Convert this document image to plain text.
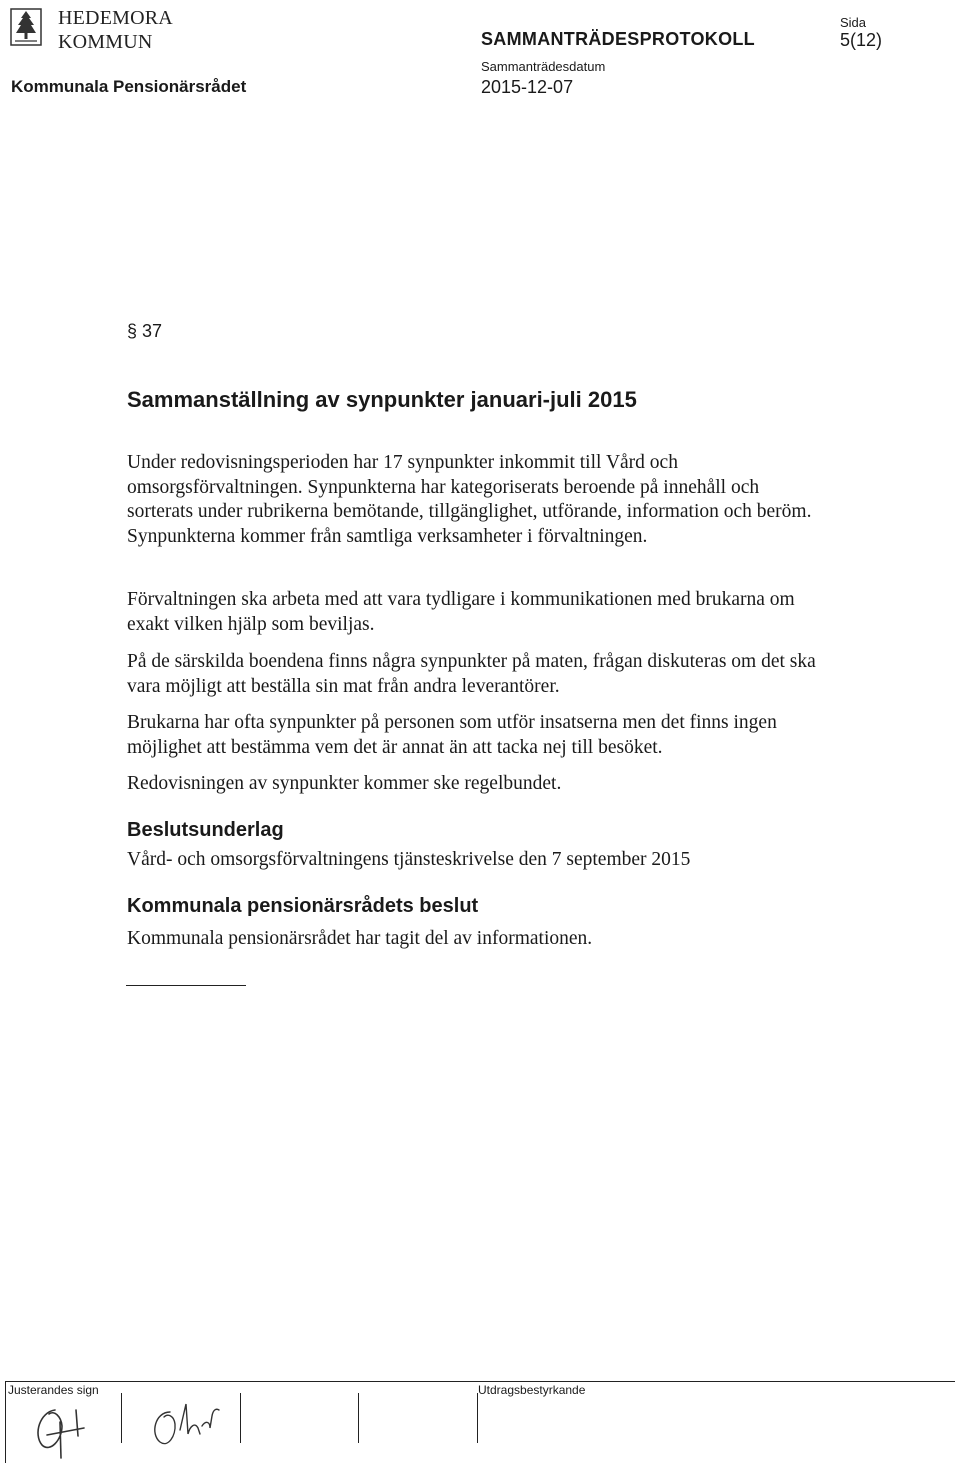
HEDEMORA
KOMMUN	SAMMANTRÄDESPROTOKOLL
Sida
5(12)
Kommunala Pensionärsrådet
Sammanträdesdatum
2015-12-07
§ 37
Sammanställning av synpunkter januari-juli 2015
Under redovisningsperioden har 17 synpunkter inkommit till Vård och omsorgsförvaltningen. Synpunkterna har kategoriserats beroende på innehåll och sorterats under rubrikerna bemötande, tillgänglighet, utförande, information och beröm. Synpunkterna kommer från samtliga verksamheter i förvaltningen.
Förvaltningen ska arbeta med att vara tydligare i kommunikationen med brukarna om exakt vilken hjälp som beviljas.
På de särskilda boendena finns några synpunkter på maten, frågan diskuteras om det ska vara möjligt att beställa sin mat från andra leverantörer.
Brukarna har ofta synpunkter på personen som utför insatserna men det finns ingen möjlighet att bestämma vem det är annat än att tacka nej till besöket.
Redovisningen av synpunkter kommer ske regelbundet.
Beslutsunderlag
Vård- och omsorgsförvaltningens tjänsteskrivelse den 7 september 2015
Kommunala pensionärsrådets beslut
Kommunala pensionärsrådet har tagit del av informationen.
Justerandes sign	Utdragsbestyrkande
